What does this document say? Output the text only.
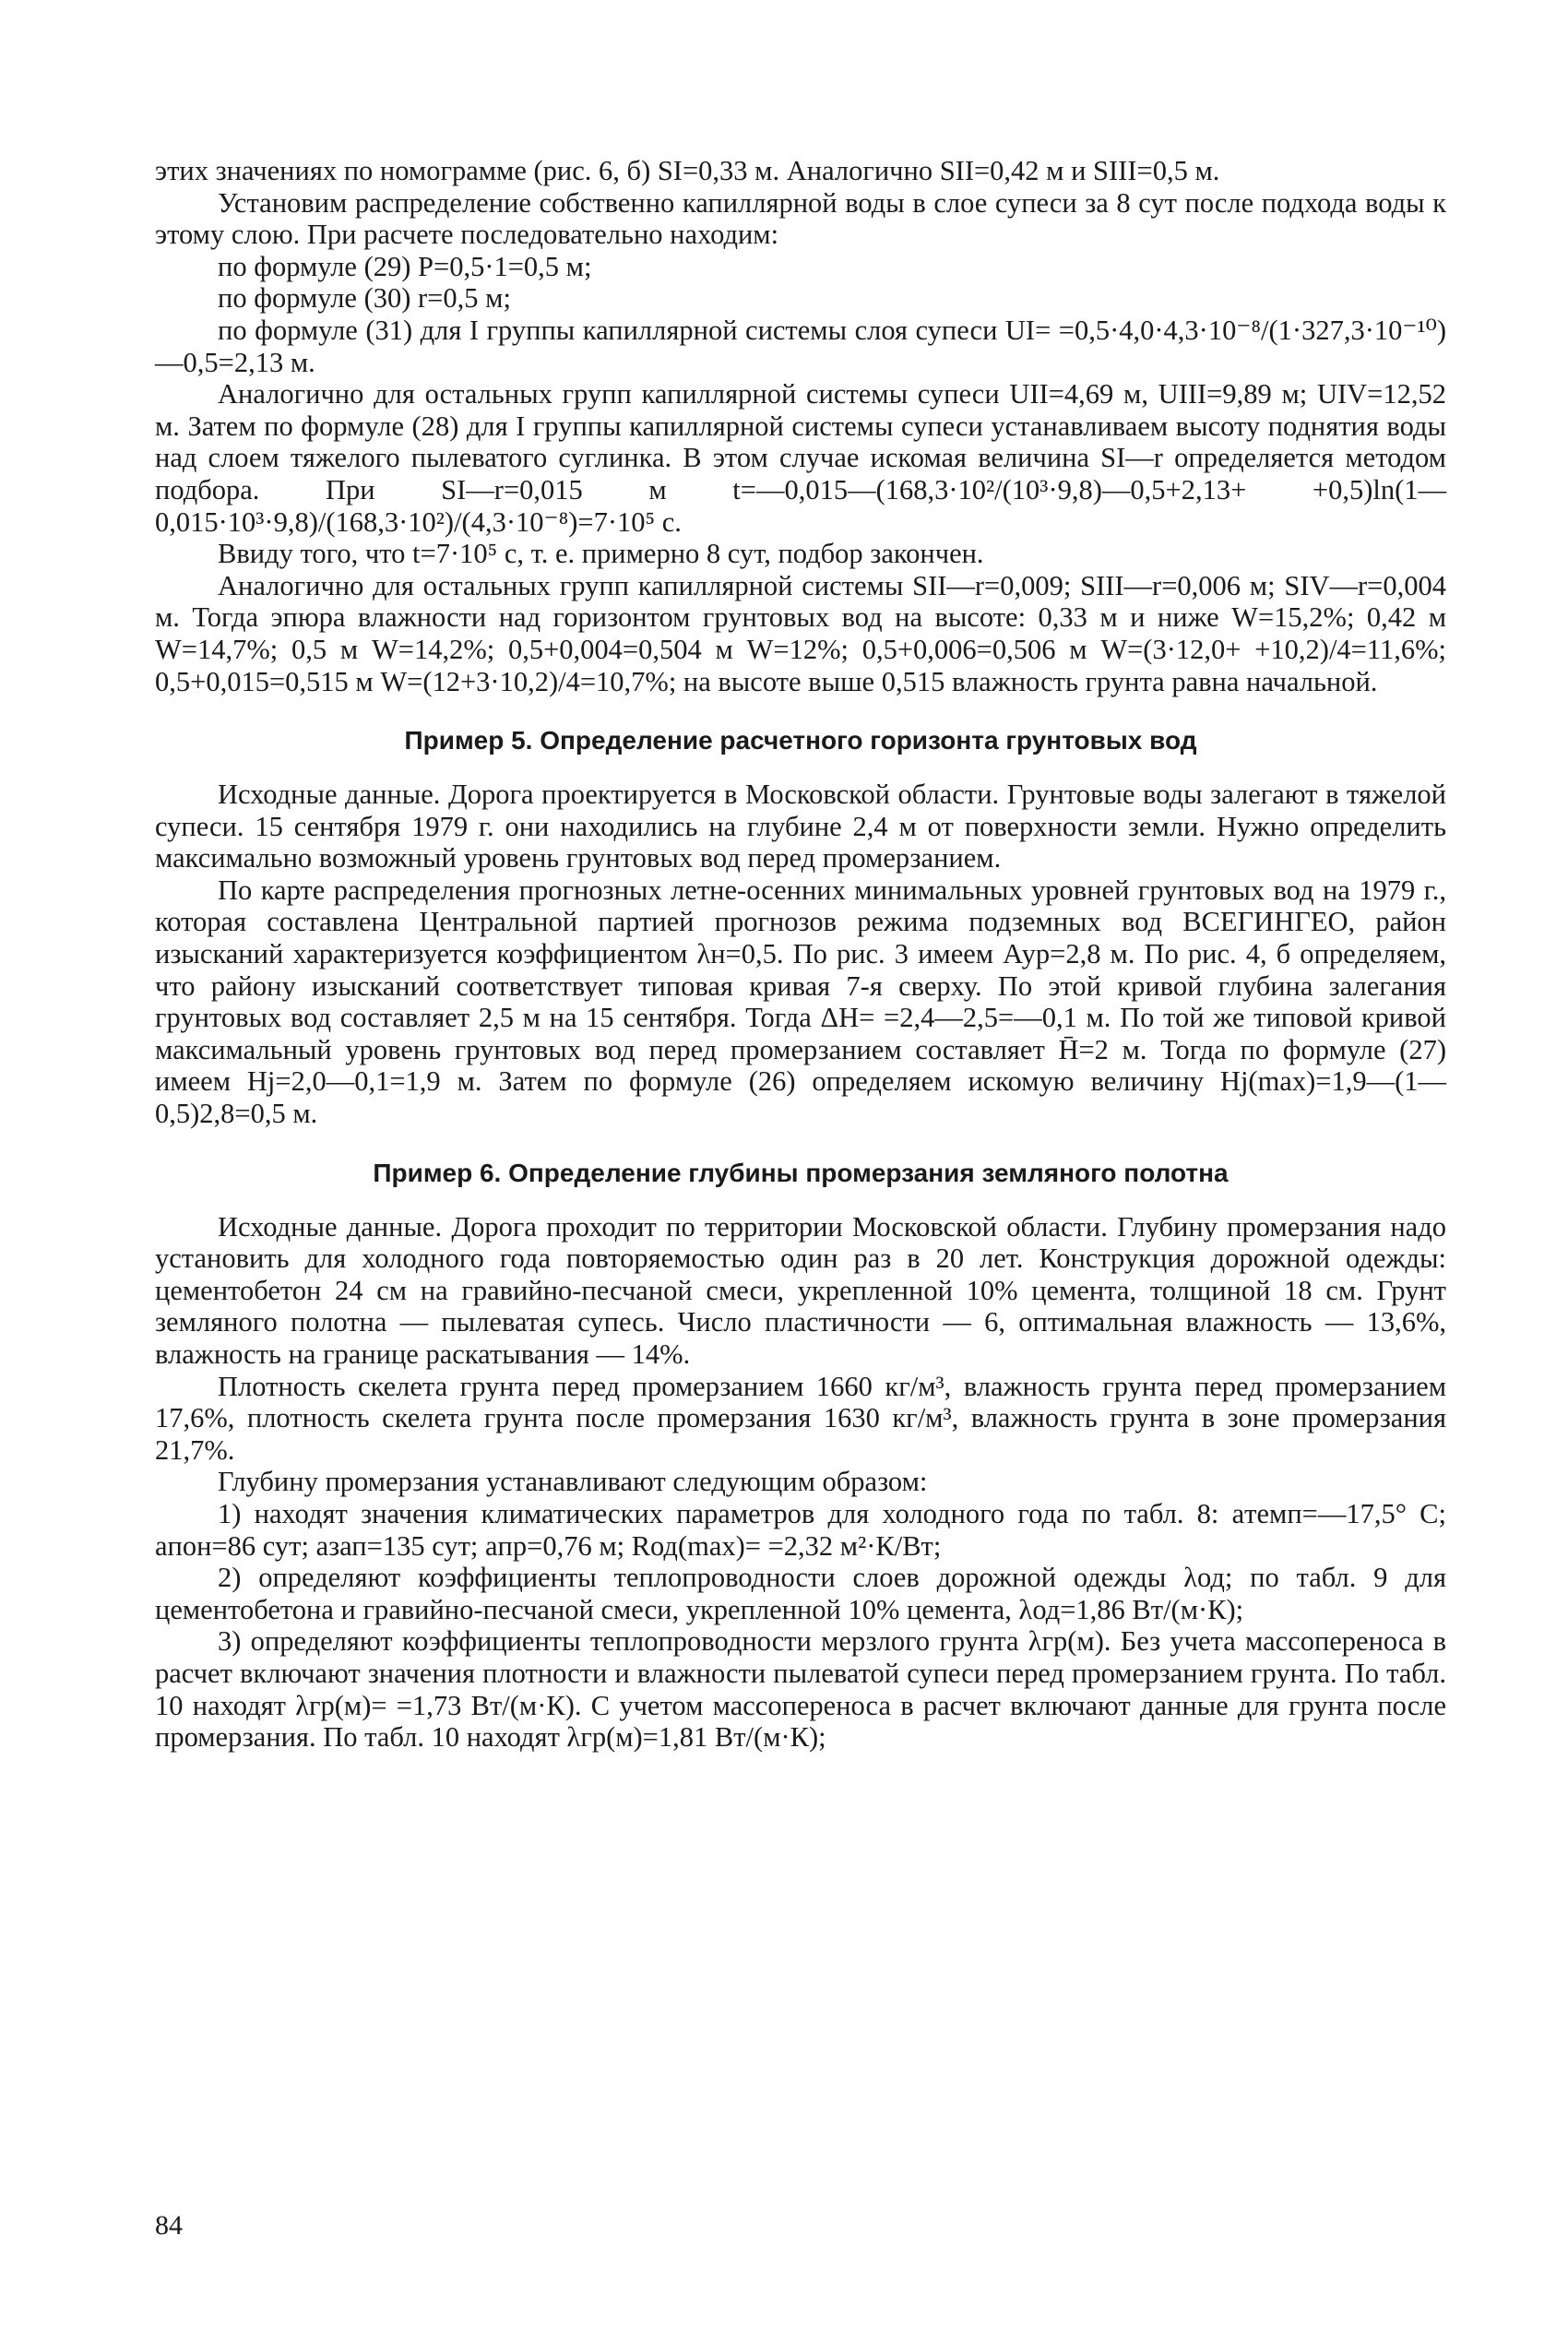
этих значениях по номограмме (рис. 6, б) SI=0,33 м. Аналогично SII=0,42 м и SIII=0,5 м.

Установим распределение собственно капиллярной воды в слое супеси за 8 сут после подхода воды к этому слою. При расчете последовательно находим:

по формуле (29) P=0,5·1=0,5 м;

по формуле (30) r=0,5 м;

по формуле (31) для I группы капиллярной системы слоя супеси UI= =0,5·4,0·4,3·10⁻⁸/(1·327,3·10⁻¹⁰)—0,5=2,13 м.

Аналогично для остальных групп капиллярной системы супеси UII=4,69 м, UIII=9,89 м; UIV=12,52 м. Затем по формуле (28) для I группы капиллярной системы супеси устанавливаем высоту поднятия воды над слоем тяжелого пылеватого суглинка. В этом случае искомая величина SI—r определяется методом подбора. При SI—r=0,015 м t=—0,015—(168,3·10²/(10³·9,8)—0,5+2,13+ +0,5)ln(1—0,015·10³·9,8)/(168,3·10²)/(4,3·10⁻⁸)=7·10⁵ с.

Ввиду того, что t=7·10⁵ с, т. е. примерно 8 сут, подбор закончен.

Аналогично для остальных групп капиллярной системы SII—r=0,009; SIII—r=0,006 м; SIV—r=0,004 м. Тогда эпюра влажности над горизонтом грунтовых вод на высоте: 0,33 м и ниже W=15,2%; 0,42 м W=14,7%; 0,5 м W=14,2%; 0,5+0,004=0,504 м W=12%; 0,5+0,006=0,506 м W=(3·12,0+ +10,2)/4=11,6%; 0,5+0,015=0,515 м W=(12+3·10,2)/4=10,7%; на высоте выше 0,515 влажность грунта равна начальной.

Пример 5. Определение расчетного горизонта грунтовых вод

Исходные данные. Дорога проектируется в Московской области. Грунтовые воды залегают в тяжелой супеси. 15 сентября 1979 г. они находились на глубине 2,4 м от поверхности земли. Нужно определить максимально возможный уровень грунтовых вод перед промерзанием.

По карте распределения прогнозных летне-осенних минимальных уровней грунтовых вод на 1979 г., которая составлена Центральной партией прогнозов режима подземных вод ВСЕГИНГЕО, район изысканий характеризуется коэффициентом λн=0,5. По рис. 3 имеем Аур=2,8 м. По рис. 4, б определяем, что району изысканий соответствует типовая кривая 7-я сверху. По этой кривой глубина залегания грунтовых вод составляет 2,5 м на 15 сентября. Тогда ΔH= =2,4—2,5=—0,1 м. По той же типовой кривой максимальный уровень грунтовых вод перед промерзанием составляет H̄=2 м. Тогда по формуле (27) имеем Hj=2,0—0,1=1,9 м. Затем по формуле (26) определяем искомую величину Hj(max)=1,9—(1—0,5)2,8=0,5 м.

Пример 6. Определение глубины промерзания земляного полотна

Исходные данные. Дорога проходит по территории Московской области. Глубину промерзания надо установить для холодного года повторяемостью один раз в 20 лет. Конструкция дорожной одежды: цементобетон 24 см на гравийно-песчаной смеси, укрепленной 10% цемента, толщиной 18 см. Грунт земляного полотна — пылеватая супесь. Число пластичности — 6, оптимальная влажность — 13,6%, влажность на границе раскатывания — 14%.

Плотность скелета грунта перед промерзанием 1660 кг/м³, влажность грунта перед промерзанием 17,6%, плотность скелета грунта после промерзания 1630 кг/м³, влажность грунта в зоне промерзания 21,7%.

Глубину промерзания устанавливают следующим образом:

1) находят значения климатических параметров для холодного года по табл. 8: aтемп=—17,5° С; aпон=86 сут; aзап=135 сут; aпр=0,76 м; Rод(max)= =2,32 м²·К/Вт;

2) определяют коэффициенты теплопроводности слоев дорожной одежды λод; по табл. 9 для цементобетона и гравийно-песчаной смеси, укрепленной 10% цемента, λод=1,86 Вт/(м·К);

3) определяют коэффициенты теплопроводности мерзлого грунта λгр(м). Без учета массопереноса в расчет включают значения плотности и влажности пылеватой супеси перед промерзанием грунта. По табл. 10 находят λгр(м)= =1,73 Вт/(м·К). С учетом массопереноса в расчет включают данные для грунта после промерзания. По табл. 10 находят λгр(м)=1,81 Вт/(м·К);

84
